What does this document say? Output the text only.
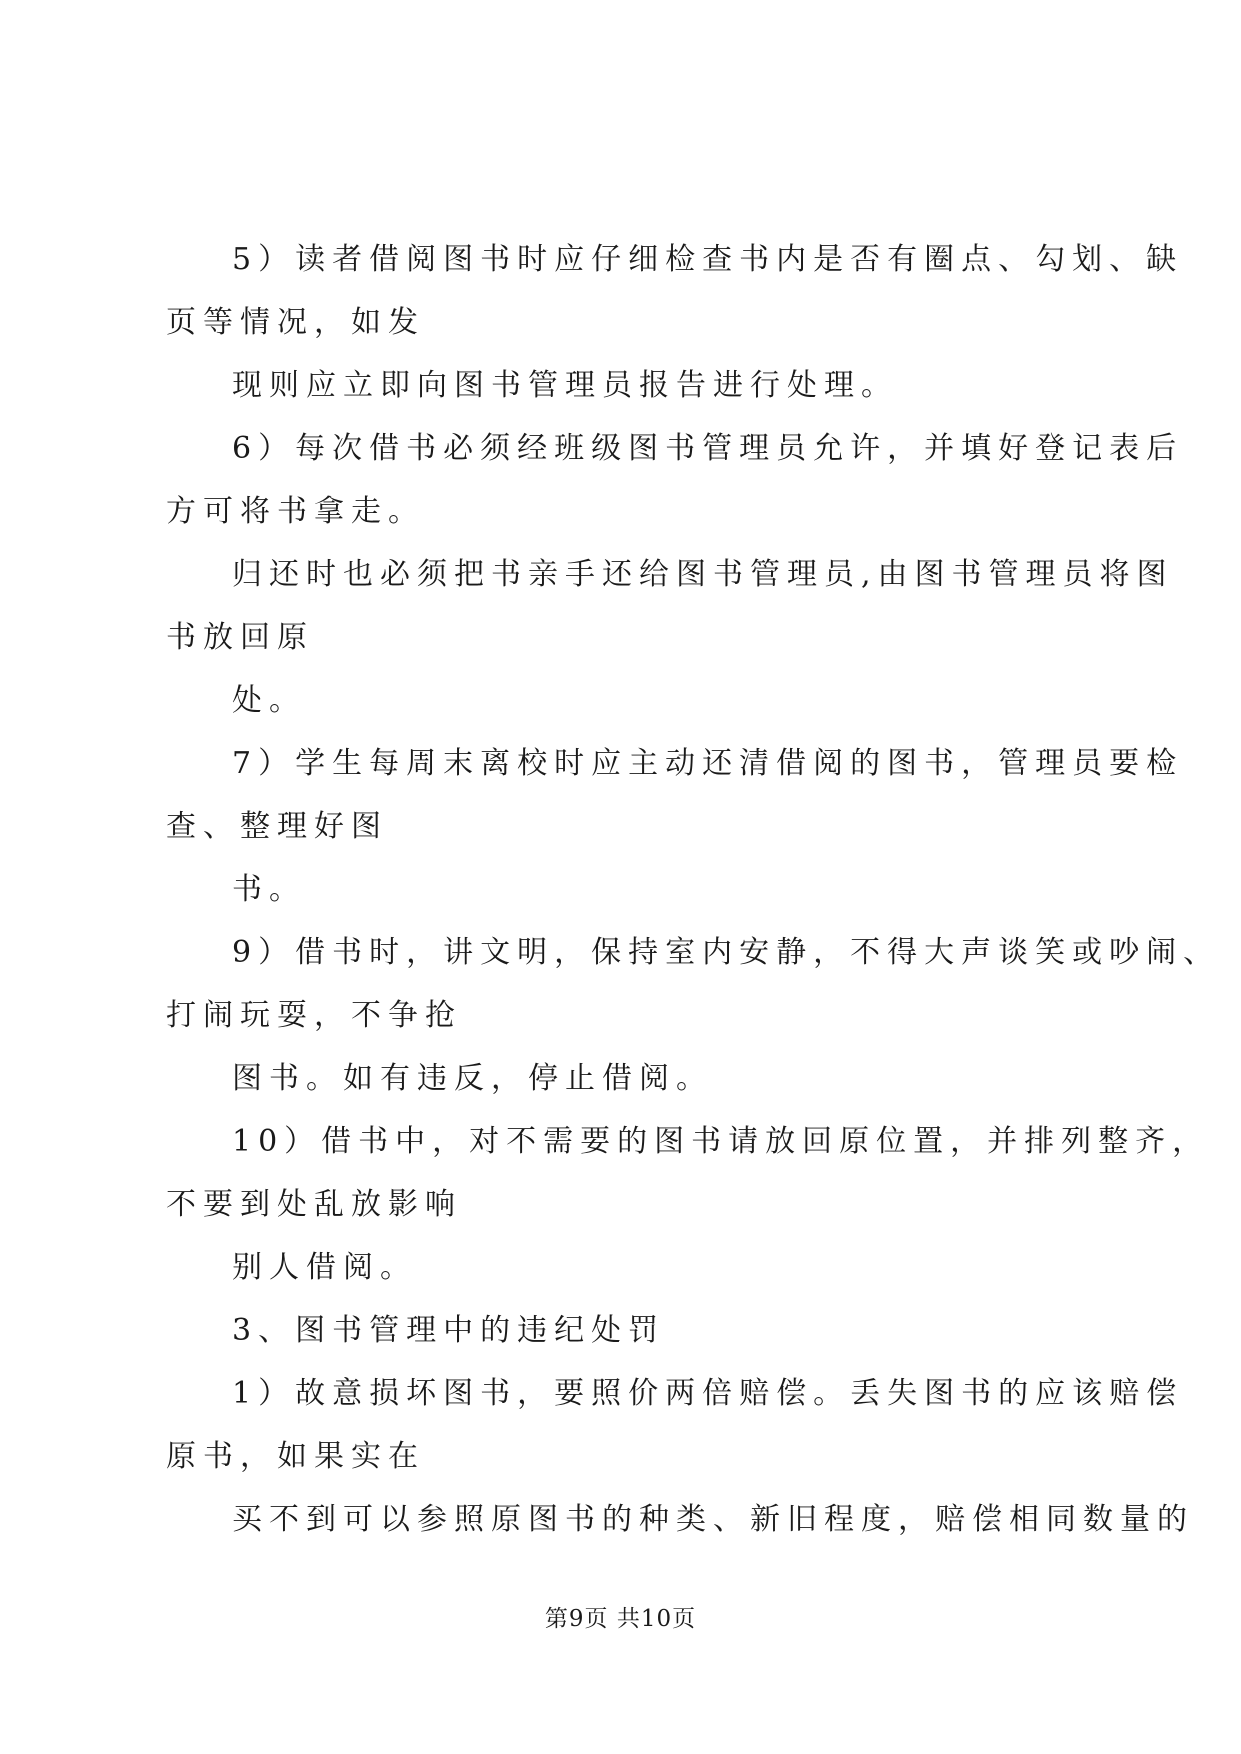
5）读者借阅图书时应仔细检查书内是否有圈点、勾划、缺
页等情况，如发
现则应立即向图书管理员报告进行处理。
6）每次借书必须经班级图书管理员允许，并填好登记表后
方可将书拿走。
归还时也必须把书亲手还给图书管理员,由图书管理员将图
书放回原
处。
7）学生每周末离校时应主动还清借阅的图书，管理员要检
查、整理好图
书。
9）借书时，讲文明，保持室内安静，不得大声谈笑或吵闹、
打闹玩耍，不争抢
图书。如有违反，停止借阅。
10）借书中，对不需要的图书请放回原位置，并排列整齐，
不要到处乱放影响
别人借阅。
3、图书管理中的违纪处罚
1）故意损坏图书，要照价两倍赔偿。丢失图书的应该赔偿
原书，如果实在
买不到可以参照原图书的种类、新旧程度，赔偿相同数量的
第9页 共10页
